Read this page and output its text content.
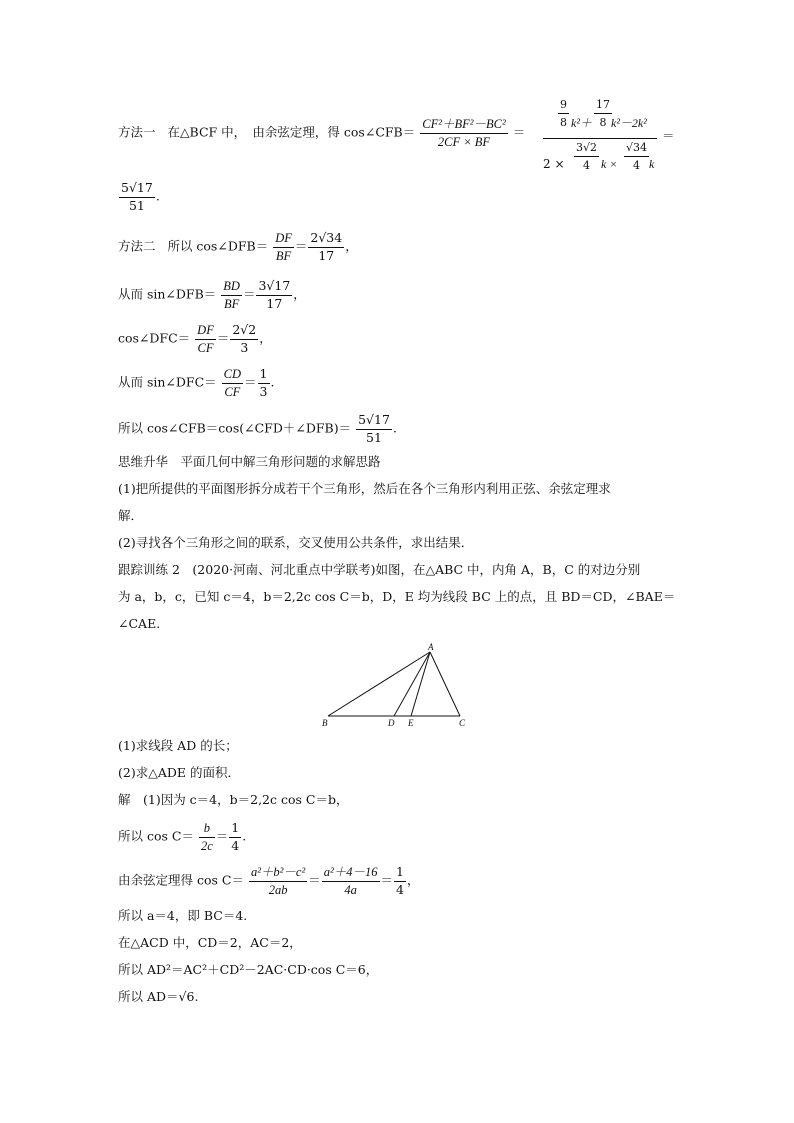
方法一 在△BCF 中，　由余弦定理，得 cos∠CFB＝ $\frac{\text{CF²＋BF²－BC²}}{2CF \times BF}$ ＝
$\frac{9}{8} k^2+ \frac{17}{8} k^2-2k^2$
$2 \times \frac{3√2}{4}$ $k \times \frac{√34}{4}$ k
＝
$\frac{5√17}{51}$ .
方法二 所以 cos∠DFB＝ $\frac{DF}{BF} = \frac{2√34}{17}$ ，
从而 sin∠DFB＝ $\frac{BD}{BF} = \frac{3√17}{17}$ ，
cos∠DFC＝ $\frac{DF}{CF} = \frac{2√2}{3}$ ，
从而 sin∠DFC＝ $\frac{CD}{CF} = \frac{1}{3}$ .
所以 cos∠CFB＝cos(∠CFD＋∠DFB)＝ $\frac{5√17}{51}$ .
思维升华　平面几何中解三角形问题的求解思路
(1)把所提供的平面图形拆分成若干个三角形，然后在各个三角形内利用正弦、余弦定理求
解．
(2)寻找各个三角形之间的联系，交叉使用公共条件，求出结果．
跟踪训练 2　(2020·河南、河北重点中学联考)如图，在△ABC 中，内角 A，B，C 的对边分别
为 a，b，c，已知 c＝4，b＝2,2c cos C＝b，D，E 均为线段 BC 上的点，且 BD＝CD，∠BAE＝
∠CAE.
A
B	D E	C
(1)求线段 AD 的长；
(2)求△ADE 的面积．
解　(1)因为 c＝4，b＝2,2c cos C＝b，
所以 $\cos C= \frac{b}{2c} = \frac{1}{4}$ .
由余弦定理得 $\cos C= \frac{\text{a²＋b²－c²}}{2ab} = \frac{\text{a²＋4－16}}{4a} = \frac{1}{4}$ ，
所以 a＝4，即 BC＝4.
在△ACD 中，CD＝2，AC＝2，
所以 AD²＝AC²＋CD²－2AC·CD·cos C＝6，
所以 AD＝√6.
